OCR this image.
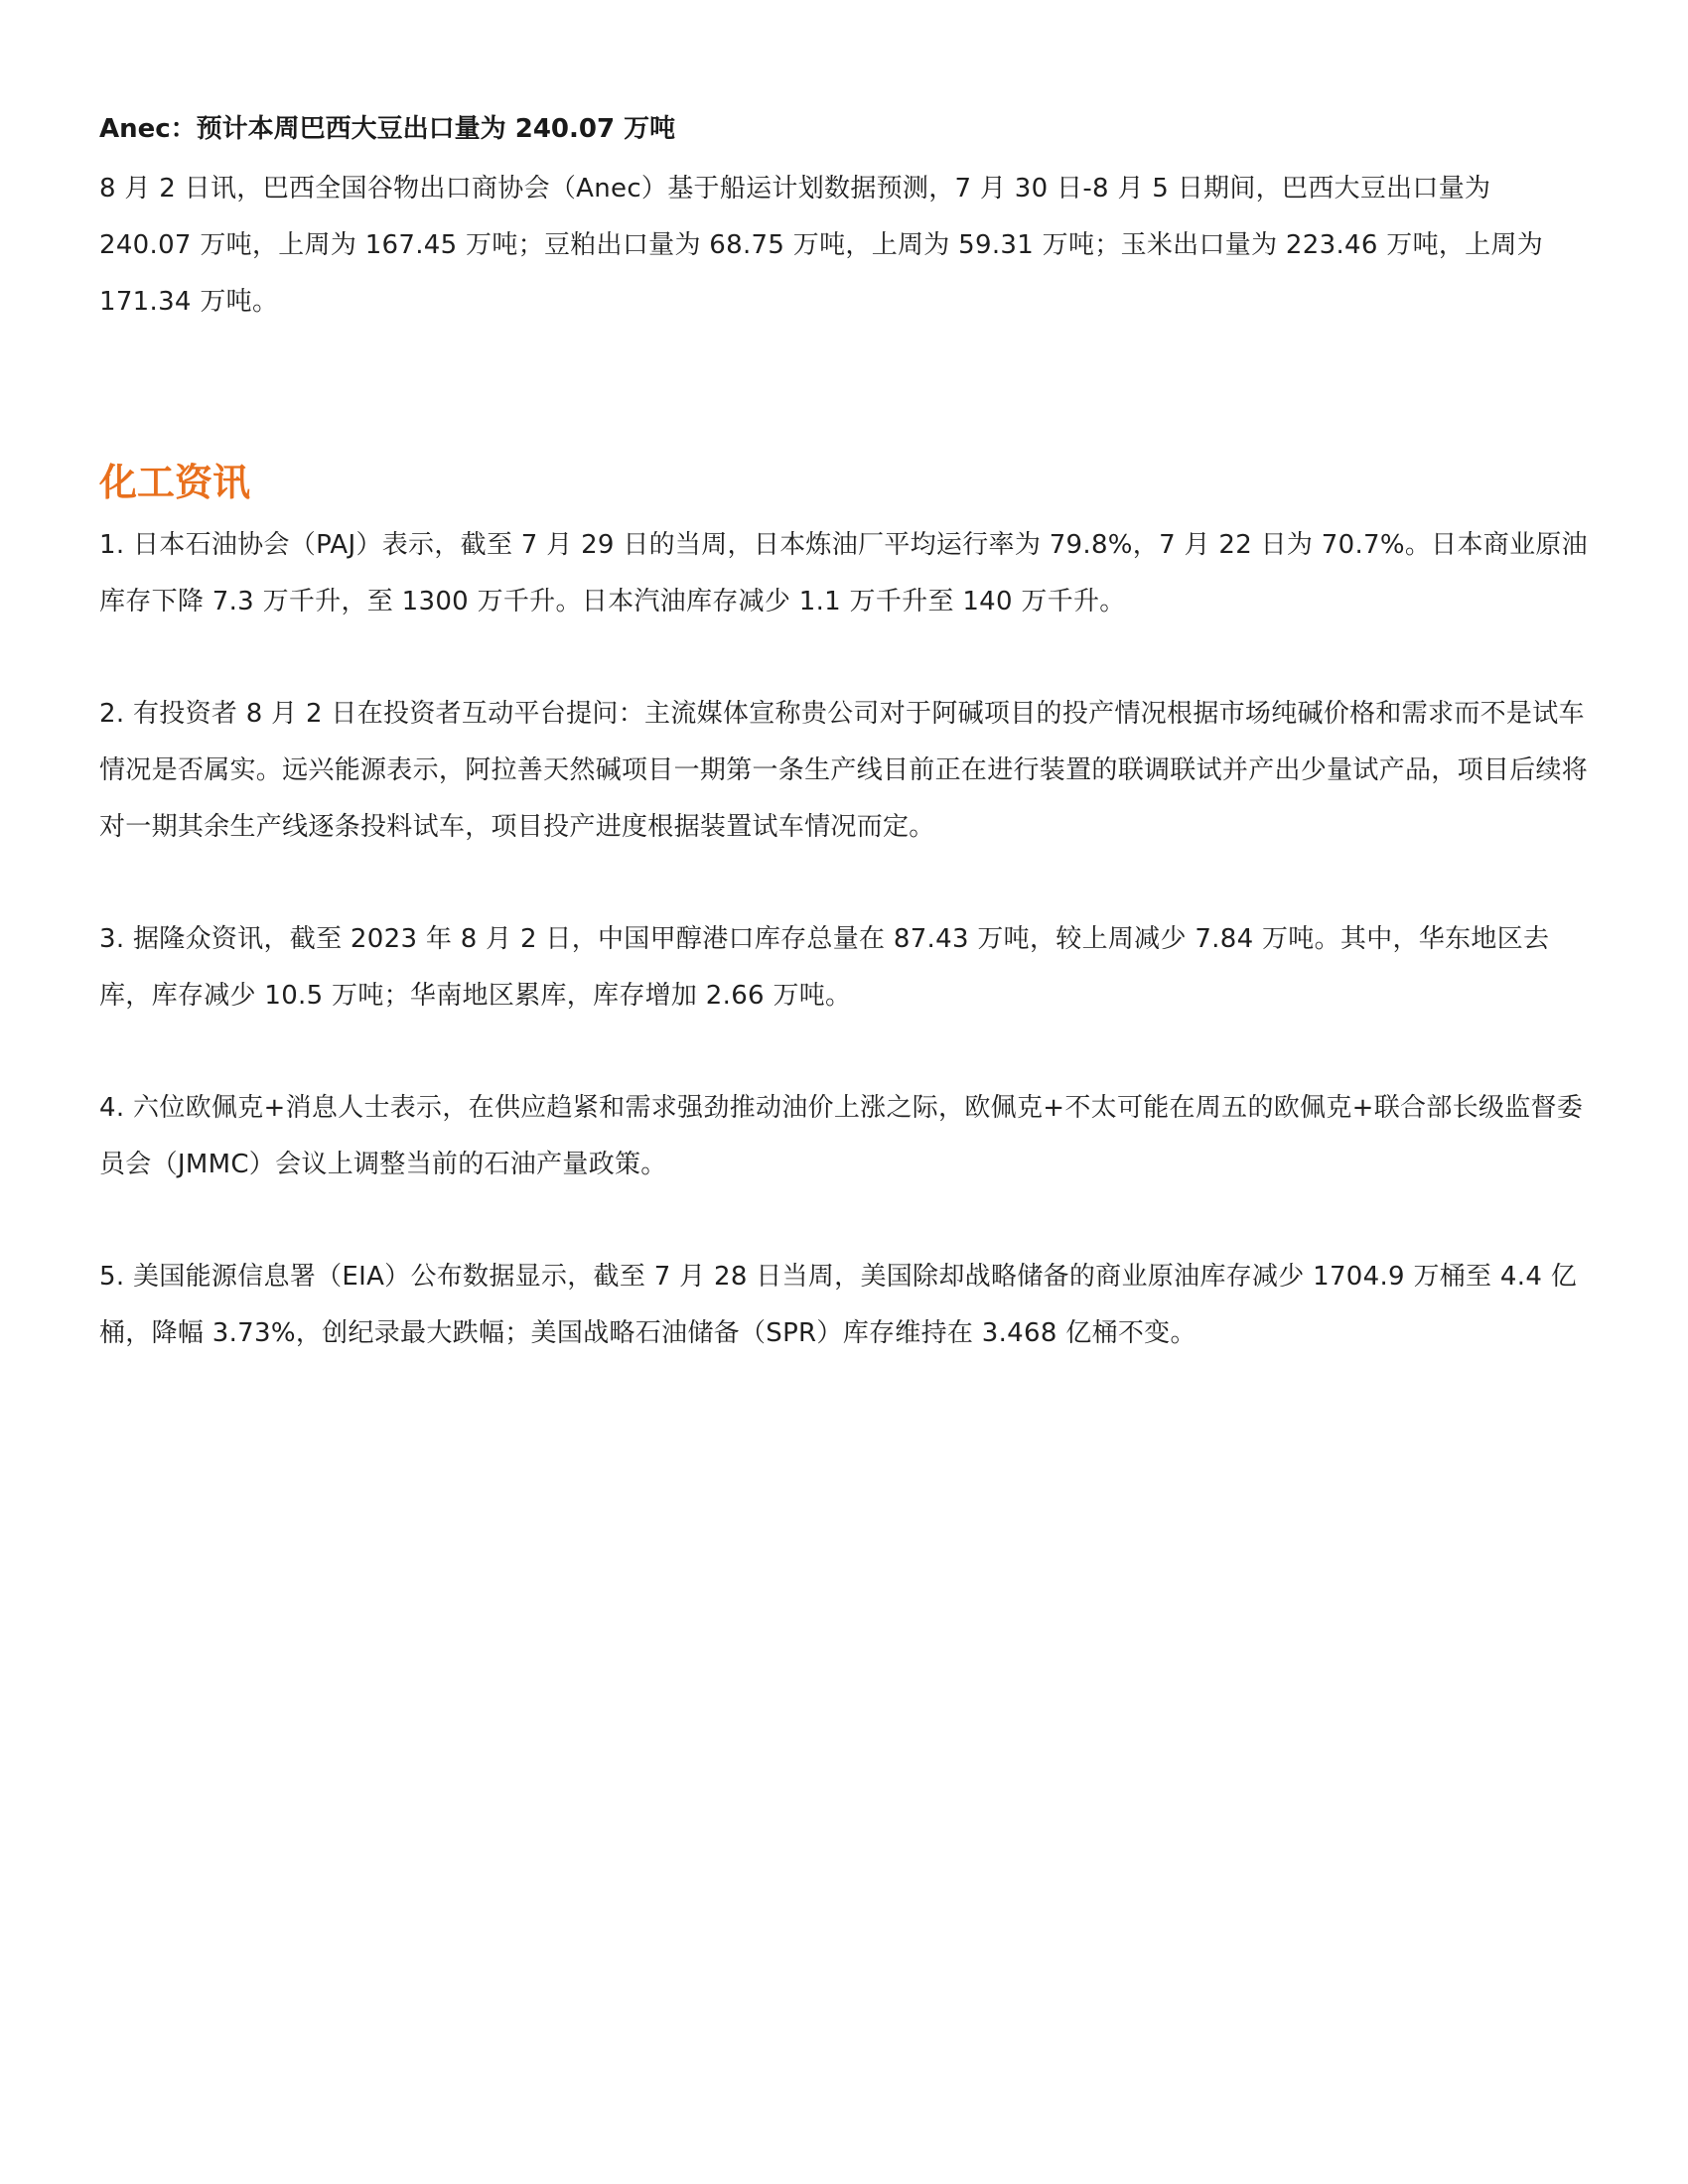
Anec：预计本周巴西大豆出口量为 240.07 万吨

8 月 2 日讯，巴西全国谷物出口商协会（Anec）基于船运计划数据预测，7 月 30 日-8 月 5 日期间，巴西大豆出口量为 240.07 万吨，上周为 167.45 万吨；豆粕出口量为 68.75 万吨，上周为 59.31 万吨；玉米出口量为 223.46 万吨，上周为 171.34 万吨。

化工资讯

1. 日本石油协会（PAJ）表示，截至 7 月 29 日的当周，日本炼油厂平均运行率为 79.8%，7 月 22 日为 70.7%。日本商业原油库存下降 7.3 万千升，至 1300 万千升。日本汽油库存减少 1.1 万千升至 140 万千升。

2. 有投资者 8 月 2 日在投资者互动平台提问：主流媒体宣称贵公司对于阿碱项目的投产情况根据市场纯碱价格和需求而不是试车情况是否属实。远兴能源表示，阿拉善天然碱项目一期第一条生产线目前正在进行装置的联调联试并产出少量试产品，项目后续将对一期其余生产线逐条投料试车，项目投产进度根据装置试车情况而定。

3. 据隆众资讯，截至 2023 年 8 月 2 日，中国甲醇港口库存总量在 87.43 万吨，较上周减少 7.84 万吨。其中，华东地区去库，库存减少 10.5 万吨；华南地区累库，库存增加 2.66 万吨。

4. 六位欧佩克+消息人士表示，在供应趋紧和需求强劲推动油价上涨之际，欧佩克+不太可能在周五的欧佩克+联合部长级监督委员会（JMMC）会议上调整当前的石油产量政策。

5. 美国能源信息署（EIA）公布数据显示，截至 7 月 28 日当周，美国除却战略储备的商业原油库存减少 1704.9 万桶至 4.4 亿桶，降幅 3.73%，创纪录最大跌幅；美国战略石油储备（SPR）库存维持在 3.468 亿桶不变。
